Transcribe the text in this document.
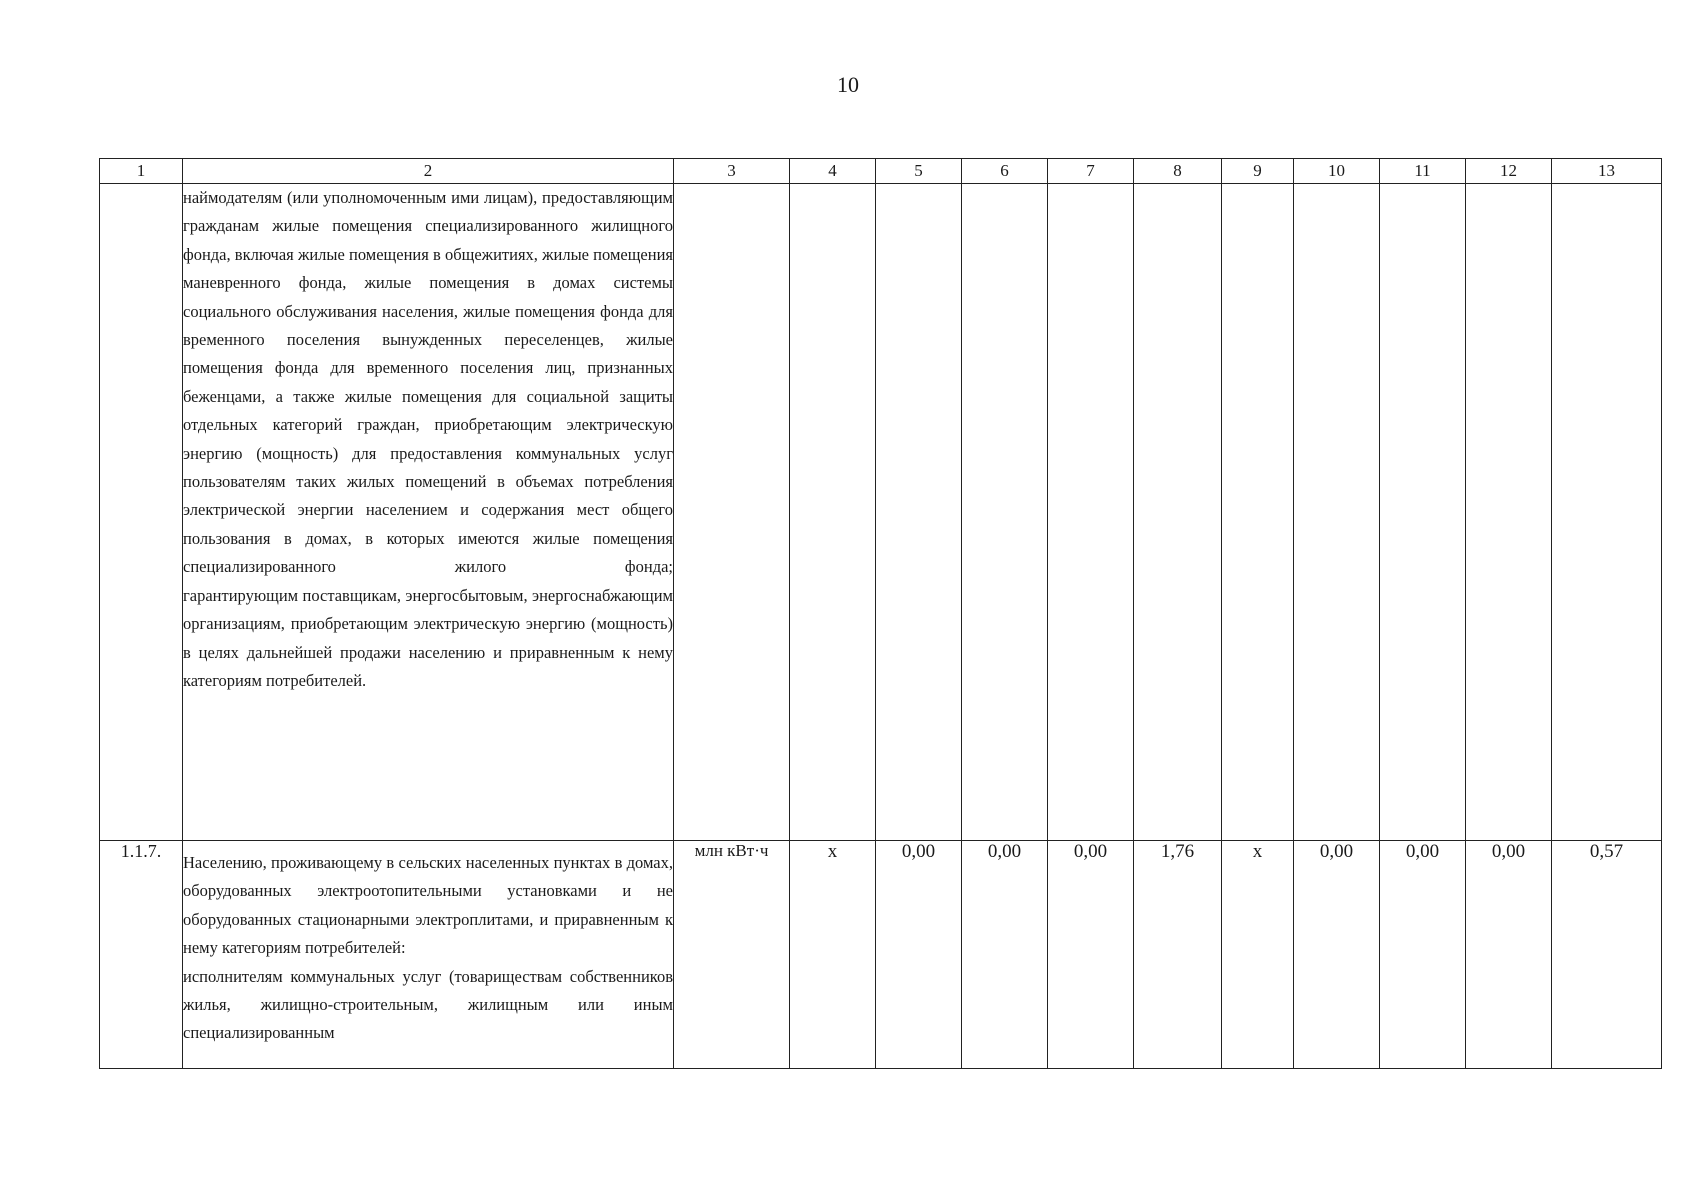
10
1	2	3	4	5	6	7	8	9	10	11	12	13

	наймодателям (или уполномоченным ими лицам), предоставляющим гражданам жилые помещения специализированного жилищного фонда, включая жилые помещения в общежитиях, жилые помещения маневренного фонда, жилые помещения в домах системы социального обслуживания населения, жилые помещения фонда для временного поселения вынужденных переселенцев, жилые помещения фонда для временного поселения лиц, признанных беженцами, а также жилые помещения для социальной защиты отдельных категорий граждан, приобретающим электрическую энергию (мощность) для предоставления коммунальных услуг пользователям таких жилых помещений в объемах потребления электрической энергии населением и содержания мест общего пользования в домах, в которых имеются жилые помещения специализированного жилого фонда;

гарантирующим поставщикам, энергосбытовым, энергоснабжающим организациям, приобретающим электрическую энергию (мощность) в целях дальнейшей продажи населению и приравненным к нему категориям потребителей.											

1.1.7.	Населению, проживающему в сельских населенных пунктах в домах, оборудованных электроотопительными установками и не оборудованных стационарными электроплитами, и приравненным к нему категориям потребителей:

исполнителям коммунальных услуг (товариществам собственников жилья, жилищно-строительным, жилищным или иным специализированным	млн кВт·ч	х	0,00	0,00	0,00	1,76	х	0,00	0,00	0,00	0,57
